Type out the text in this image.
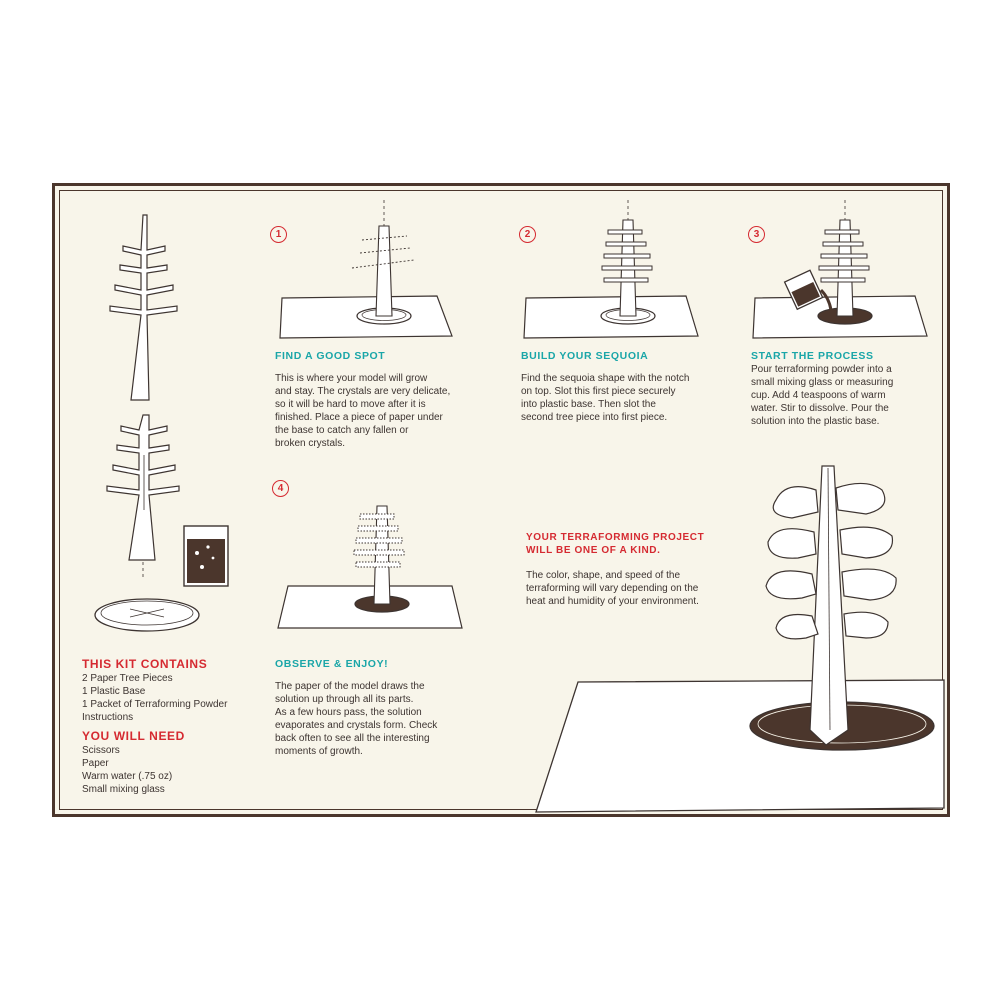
THIS KIT CONTAINS

2 Paper Tree Pieces
1 Plastic Base
1 Packet of Terraforming Powder
Instructions

YOU WILL NEED

Scissors
Paper
Warm water (.75 oz)
Small mixing glass
1

FIND A GOOD SPOT

This is where your model will grow
and stay. The crystals are very delicate,
so it will be hard to move after it is
finished. Place a piece of paper under
the base to catch any fallen or
broken crystals.
2

BUILD YOUR SEQUOIA

Find the sequoia shape with the notch
on top. Slot this first piece securely
into plastic base. Then slot the
second tree piece into first piece.
3

START THE PROCESS

Pour terraforming powder into a
small mixing glass or measuring
cup. Add 4 teaspoons of warm
water. Stir to dissolve. Pour the
solution into the plastic base.
4

OBSERVE & ENJOY!

The paper of the model draws the
solution up through all its parts.
As a few hours pass, the solution
evaporates and crystals form. Check
back often to see all the interesting
moments of growth.

YOUR TERRAFORMING PROJECT

WILL BE ONE OF A KIND.

The color, shape, and speed of the
terraforming will vary depending on the
heat and humidity of your environment.
